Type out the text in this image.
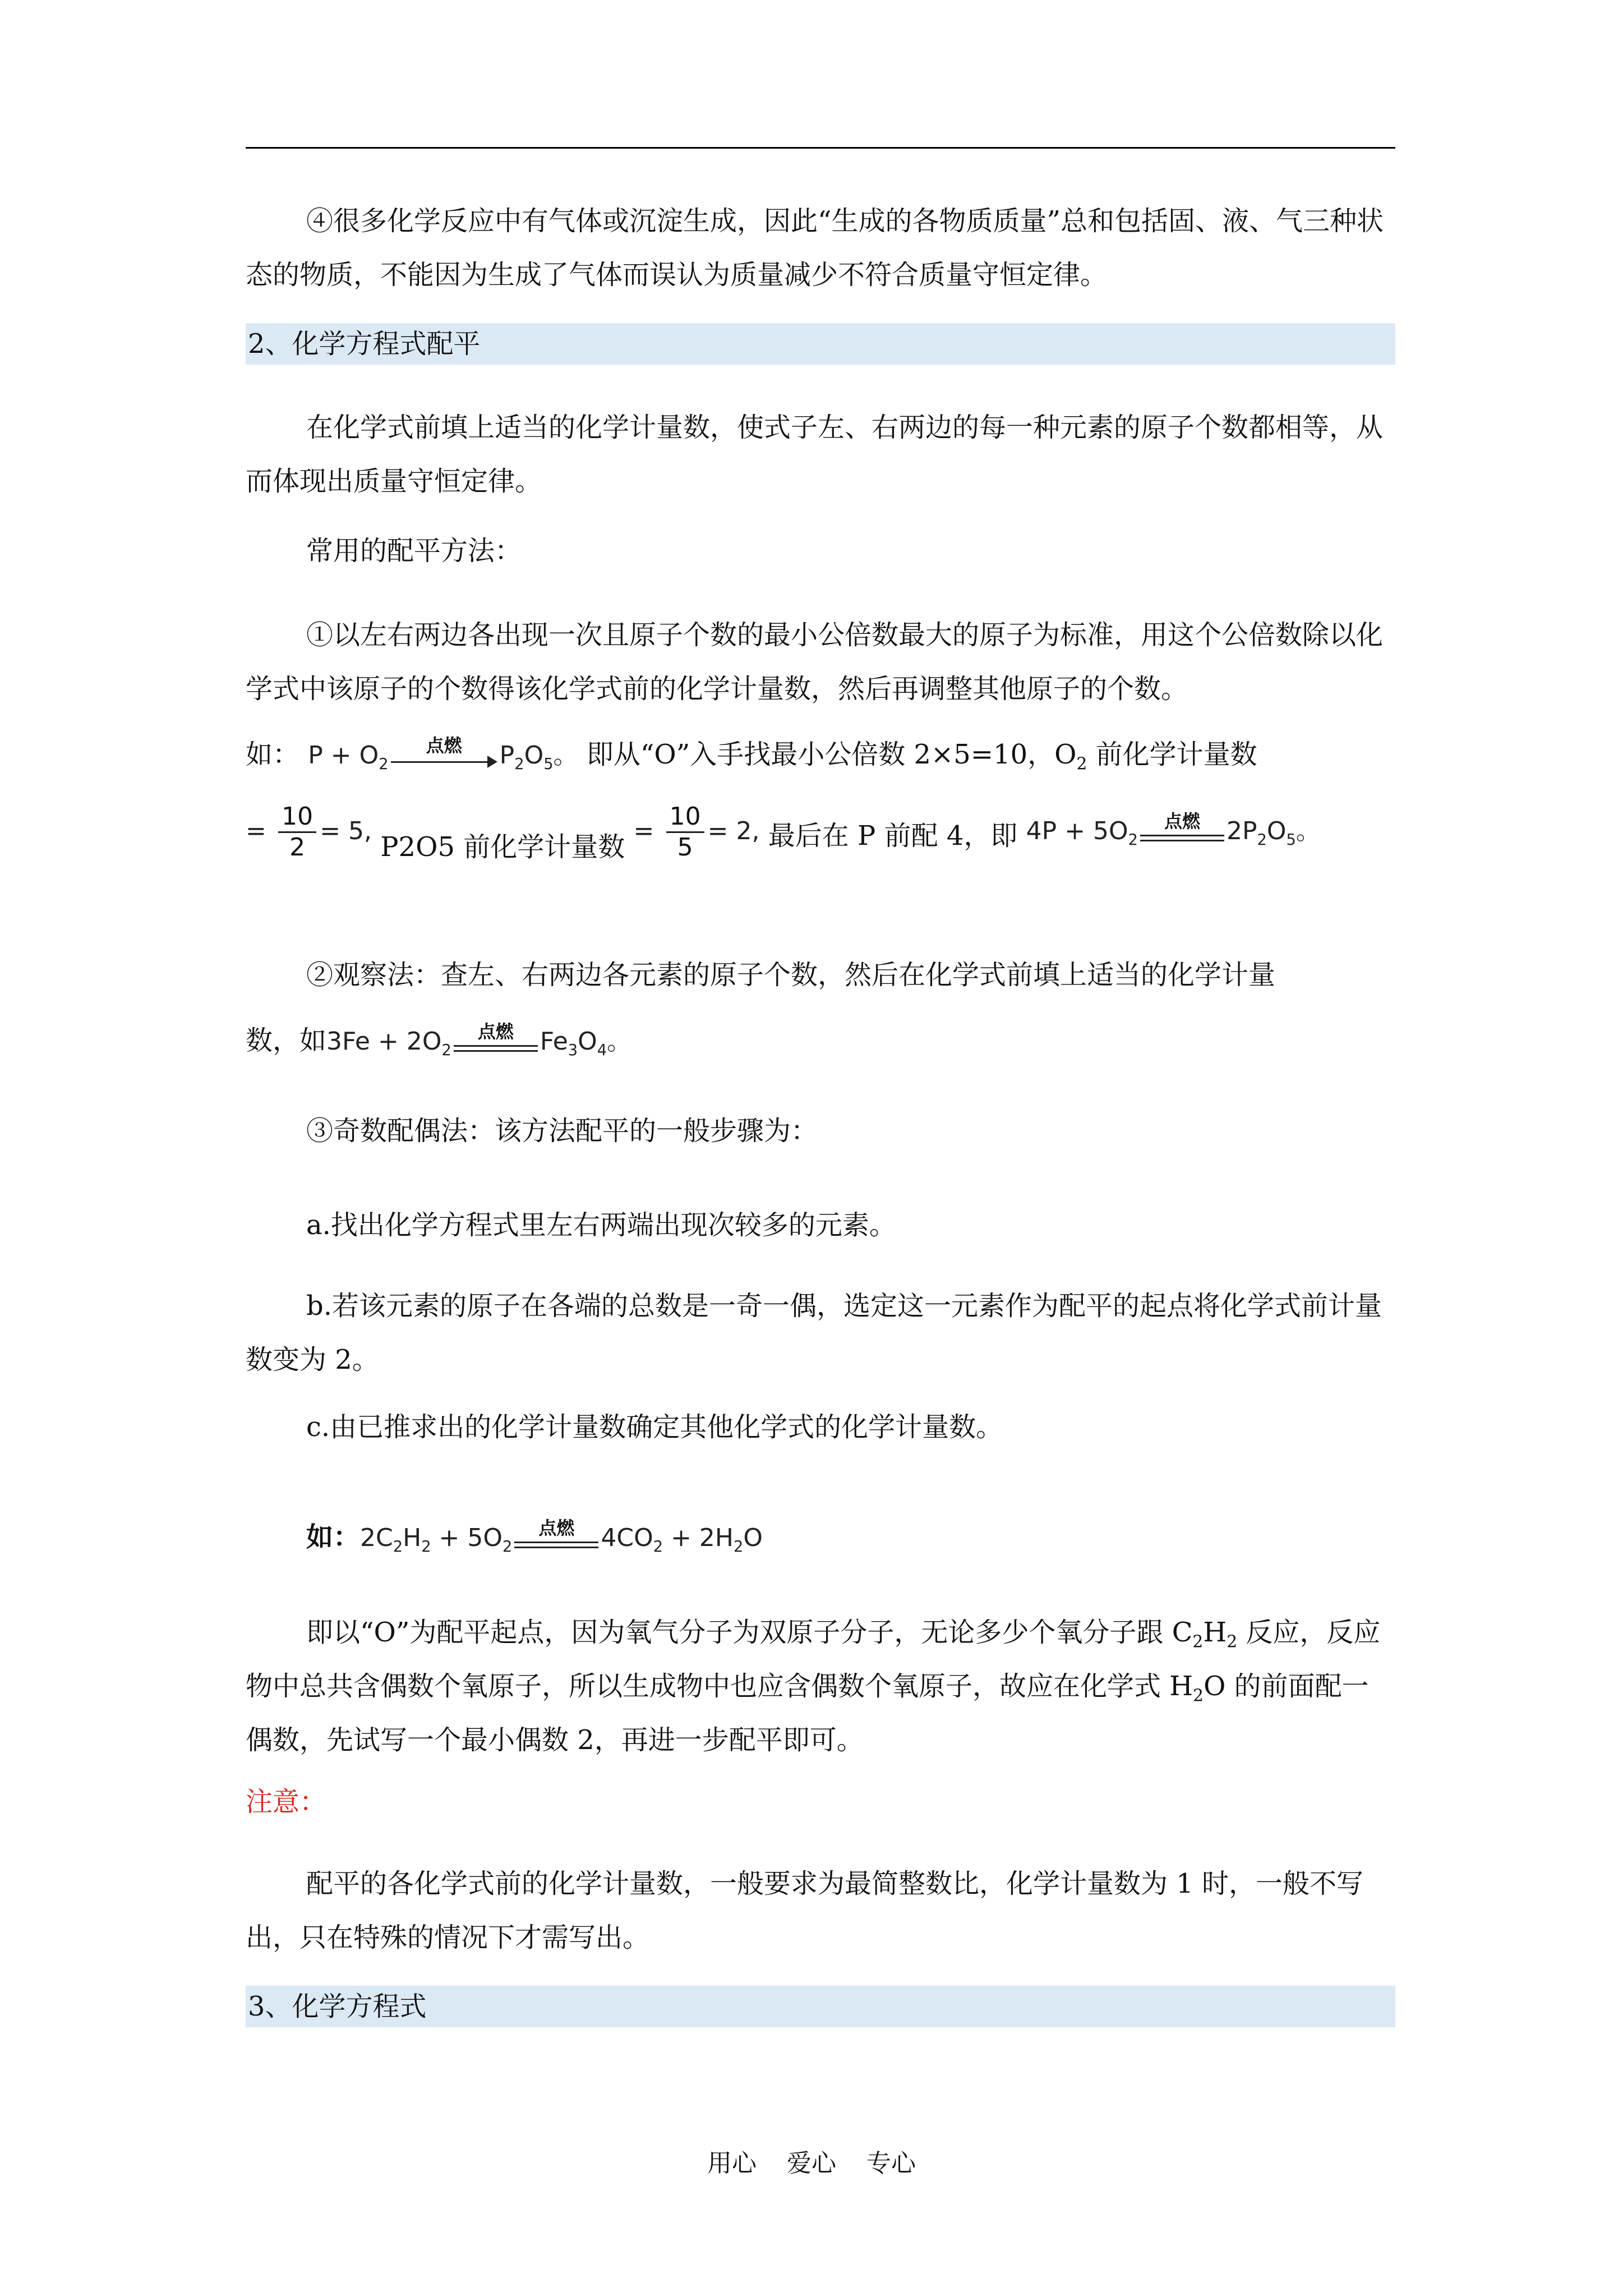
④很多化学反应中有气体或沉淀生成，因此“生成的各物质质量”总和包括固、液、气三种状态的物质，不能因为生成了气体而误认为质量减少不符合质量守恒定律。

2、化学方程式配平

在化学式前填上适当的化学计量数，使式子左、右两边的每一种元素的原子个数都相等，从而体现出质量守恒定律。

常用的配平方法：

①以左右两边各出现一次且原子个数的最小公倍数最大的原子为标准，用这个公倍数除以化学式中该原子的个数得该化学式前的化学计量数，然后再调整其他原子的个数。

如： $P + O_2$
点燃	$P_2O_5$。 即从“O”入手找最小公倍数 2×5=10，$O_2$ 前化学计量数
= $\frac{10}{2} = 5$, P2O5 前化学计量数 = $\frac{10}{5} = 2$, 最后在 P 前配 4，即 $4P + 5O_2$
点燃	$2P_2O_5$。

②观察法：查左、右两边各元素的原子个数，然后在化学式前填上适当的化学计量

数，如$3Fe + 2O_2$
点燃	$Fe_3O_4$。

③奇数配偶法：该方法配平的一般步骤为：

a.找出化学方程式里左右两端出现次较多的元素。

b.若该元素的原子在各端的总数是一奇一偶，选定这一元素作为配平的起点将化学式前计量数变为 2。

c.由已推求出的化学计量数确定其他化学式的化学计量数。

如：$2C_2H_2 + 5O_2$
点燃	$4CO_2 + 2H_2O$

即以“O”为配平起点，因为氧气分子为双原子分子，无论多少个氧分子跟 $C_2H_2$ 反应，反应物中总共含偶数个氧原子，所以生成物中也应含偶数个氧原子，故应在化学式 $H_2O$ 的前面配一偶数，先试写一个最小偶数 2，再进一步配平即可。

注意：

配平的各化学式前的化学计量数，一般要求为最简整数比，化学计量数为 1 时，一般不写出，只在特殊的情况下才需写出。

3、化学方程式
用心 爱心 专心
